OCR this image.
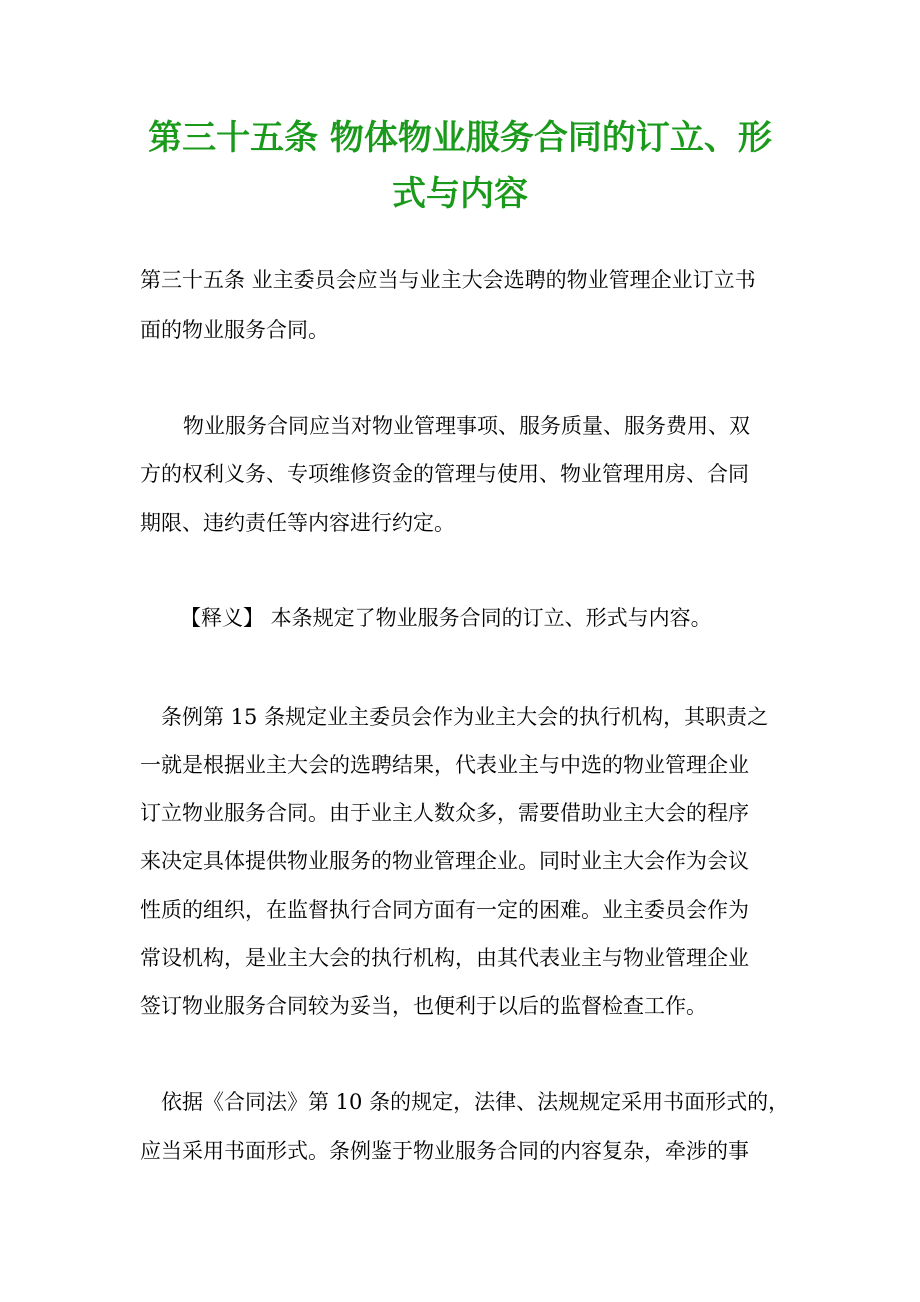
第三十五条 物体物业服务合同的订立、形
式与内容

第三十五条 业主委员会应当与业主大会选聘的物业管理企业订立书

面的物业服务合同。

物业服务合同应当对物业管理事项、服务质量、服务费用、双

方的权利义务、专项维修资金的管理与使用、物业管理用房、合同

期限、违约责任等内容进行约定。

【释义】 本条规定了物业服务合同的订立、形式与内容。

条例第 15 条规定业主委员会作为业主大会的执行机构，其职责之

一就是根据业主大会的选聘结果，代表业主与中选的物业管理企业

订立物业服务合同。由于业主人数众多，需要借助业主大会的程序

来决定具体提供物业服务的物业管理企业。同时业主大会作为会议

性质的组织，在监督执行合同方面有一定的困难。业主委员会作为

常设机构，是业主大会的执行机构，由其代表业主与物业管理企业

签订物业服务合同较为妥当，也便利于以后的监督检查工作。

依据《合同法》第 10 条的规定，法律、法规规定采用书面形式的，

应当采用书面形式。条例鉴于物业服务合同的内容复杂，牵涉的事
